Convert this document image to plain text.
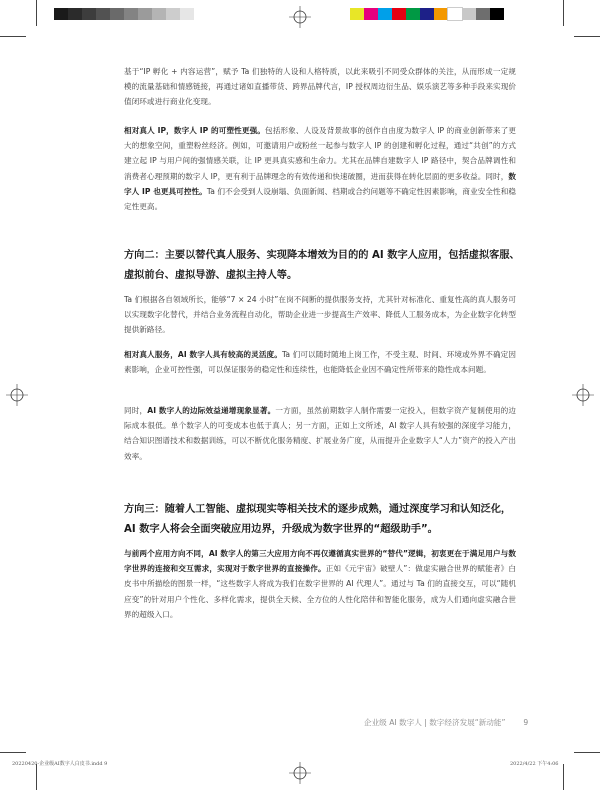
基于“IP 孵化 + 内容运营”，赋予 Ta 们独特的人设和人格特质，以此来吸引不同受众群体的关注，从而形成一定规模的流量基础和情感链接，再通过诸如直播带货、跨界品牌代言，IP 授权周边衍生品、娱乐演艺等多种手段来实现价值闭环或进行商业化变现。

相对真人 IP，数字人 IP 的可塑性更强。包括形象、人设及背景故事的创作自由度为数字人 IP 的商业创新带来了更大的想象空间，重塑粉丝经济。例如，可邀请用户或粉丝一起参与数字人 IP 的创建和孵化过程，通过“共创”的方式建立起 IP 与用户间的强情感关联，让 IP 更具真实感和生命力。尤其在品牌自建数字人 IP 路径中，契合品牌调性和消费者心理预期的数字人 IP，更有利于品牌理念的有效传递和快速破圈，进而获得在转化层面的更多收益。同时，数字人 IP 也更具可控性。Ta 们不会受到人设崩塌、负面新闻、档期或合约问题等不确定性因素影响，商业安全性和稳定性更高。

方向二：主要以替代真人服务、实现降本增效为目的的 AI 数字人应用，包括虚拟客服、虚拟前台、虚拟导游、虚拟主持人等。

Ta 们根据各自领域所长，能够“7 × 24 小时”在岗不间断的提供服务支持，尤其针对标准化、重复性高的真人服务可以实现数字化替代，并结合业务流程自动化，帮助企业进一步提高生产效率、降低人工服务成本，为企业数字化转型提供新路径。

相对真人服务，AI 数字人具有较高的灵活度。Ta 们可以随时随地上岗工作，不受主观、时间、环境或外界不确定因素影响，企业可控性强，可以保证服务的稳定性和连续性，也能降低企业因不确定性所带来的隐性成本问题。

同时，AI 数字人的边际效益递增现象显著。一方面，虽然前期数字人制作需要一定投入，但数字资产复制使用的边际成本很低。单个数字人的可变成本也低于真人；另一方面，正如上文所述，AI 数字人具有较强的深度学习能力，结合知识图谱技术和数据训练，可以不断优化服务精度、扩展业务广度，从而提升企业数字人“人力”资产的投入产出效率。

方向三：随着人工智能、虚拟现实等相关技术的逐步成熟，通过深度学习和认知泛化，AI 数字人将会全面突破应用边界，升级成为数字世界的“超级助手”。

与前两个应用方向不同，AI 数字人的第三大应用方向不再仅遵循真实世界的“替代”逻辑，初衷更在于满足用户与数字世界的连接和交互需求，实现对于数字世界的直接操作。正如《元宇宙》破壁人”：做虚实融合世界的赋能者》白皮书中所描绘的图景一样，“这些数字人将成为我们在数字世界的 AI 代理人”。通过与 Ta 们的直接交互，可以“随机应变”的针对用户个性化、多样化需求，提供全天候、全方位的人性化陪伴和智能化服务，成为人们通向虚实融合世界的超级入口。

企业级 AI 数字人 | 数字经济发展“新动能” 9
20220420-企业级AI数字人白皮书.indd 9	2022/4/22 下午4:06
